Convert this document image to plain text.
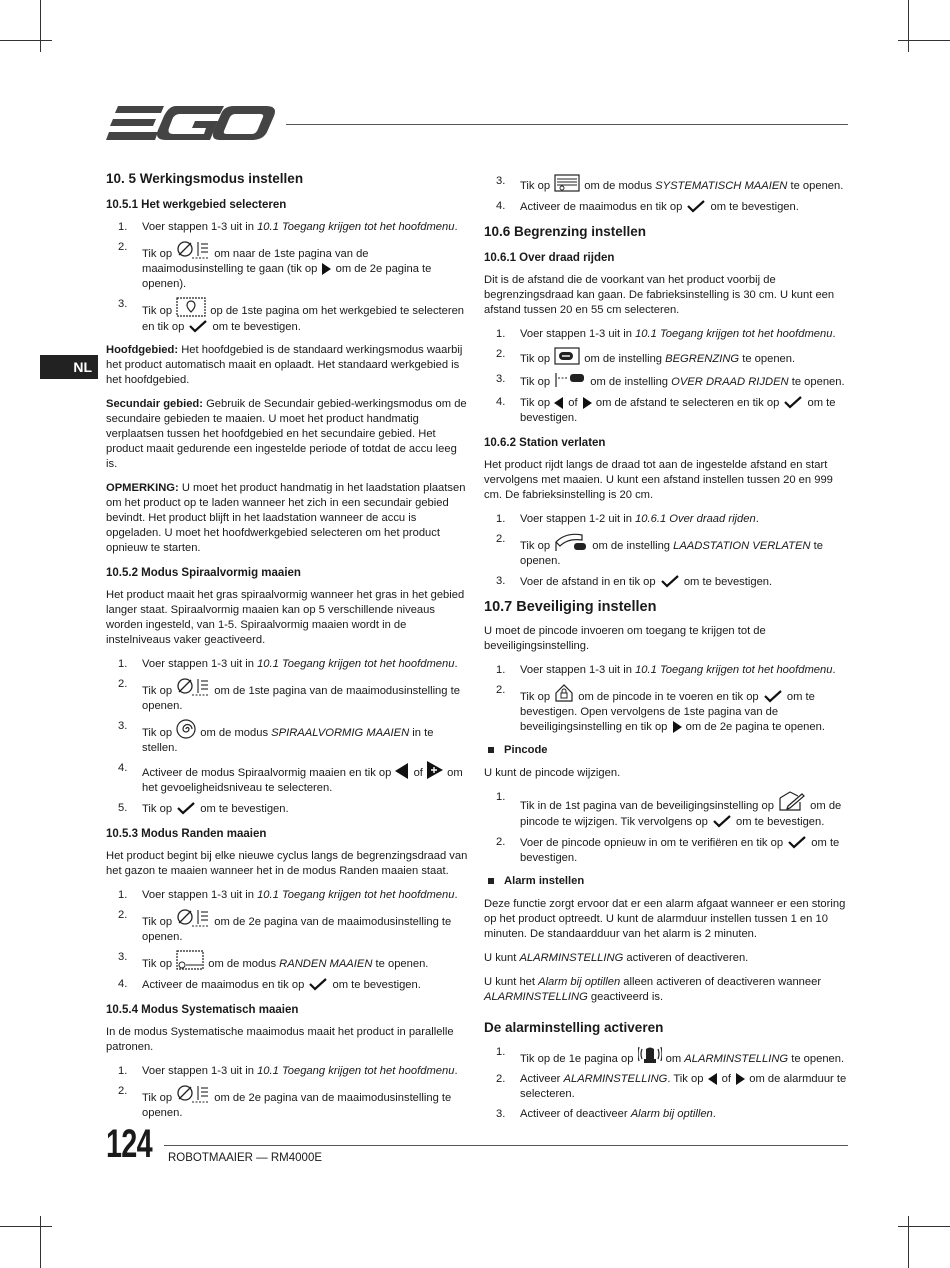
NL
10. 5 Werkingsmodus instellen
10.5.1 Het werkgebied selecteren
1. Voer stappen 1-3 uit in 10.1 Toegang krijgen tot het hoofdmenu.
2.
Tik op	om naar de 1ste pagina van de maaimodusinstelling te gaan (tik op om de 2e pagina te openen).
3.
Tik op	op de 1ste pagina om het werkgebied te selecteren en tik op	om te bevestigen.

Hoofdgebied: Het hoofdgebied is de standaard werkingsmodus waarbij het product automatisch maait en oplaadt. Het standaard werkgebied is het hoofdgebied.

Secundair gebied: Gebruik de Secundair gebied-werkingsmodus om de secundaire gebieden te maaien. U moet het product handmatig verplaatsen tussen het hoofdgebied en het secundaire gebied. Het product maait gedurende een ingestelde periode of totdat de accu leeg is.

OPMERKING: U moet het product handmatig in het laadstation plaatsen om het product op te laden wanneer het zich in een secundair gebied bevindt. Het product blijft in het laadstation wanneer de accu is opgeladen. U moet het hoofdwerkgebied selecteren om het product opnieuw te starten.

10.5.2 Modus Spiraalvormig maaien

Het product maait het gras spiraalvormig wanneer het gras in het gebied langer staat. Spiraalvormig maaien kan op 5 verschillende niveaus worden ingesteld, van 1-5. Spiraalvormig maaien wordt in de instelniveaus vaker geactiveerd.

1. Voer stappen 1-3 uit in 10.1 Toegang krijgen tot het hoofdmenu.
2.
Tik op	om de 1ste pagina van de maaimodusinstelling te openen.
3.
Tik op	om de modus SPIRAALVORMIG MAAIEN in te stellen.
4. Activeer de modus Spiraalvormig maaien en tik op of om het gevoeligheidsniveau te selecteren.
5. Tik op	om te bevestigen.
10.5.3 Modus Randen maaien

Het product begint bij elke nieuwe cyclus langs de begrenzingsdraad van het gazon te maaien wanneer het in de modus Randen maaien staat.

1. Voer stappen 1-3 uit in 10.1 Toegang krijgen tot het hoofdmenu.
2.
Tik op	om de 2e pagina van de maaimodusinstelling te openen.
3.
Tik op	om de modus RANDEN MAAIEN te openen.
4. Activeer de maaimodus en tik op	om te bevestigen.
10.5.4 Modus Systematisch maaien

In de modus Systematische maaimodus maait het product in parallelle patronen.

1. Voer stappen 1-3 uit in 10.1 Toegang krijgen tot het hoofdmenu.
2.
Tik op	om de 2e pagina van de maaimodusinstelling te openen.
3. Tik op	om de modus SYSTEMATISCH MAAIEN te openen.
4. Activeer de maaimodus en tik op	om te bevestigen.
10.6 Begrenzing instellen
10.6.1 Over draad rijden

Dit is de afstand die de voorkant van het product voorbij de begrenzingsdraad kan gaan. De fabrieksinstelling is 30 cm. U kunt een afstand tussen 20 en 55 cm selecteren.

1. Voer stappen 1-3 uit in 10.1 Toegang krijgen tot het hoofdmenu.
2. Tik op	om de instelling BEGRENZING te openen.
3. Tik op	om de instelling OVER DRAAD RIJDEN te openen.
4. Tik op of om de afstand te selecteren en tik op	om te bevestigen.
10.6.2 Station verlaten

Het product rijdt langs de draad tot aan de ingestelde afstand en start vervolgens met maaien. U kunt een afstand instellen tussen 20 en 999 cm. De fabrieksinstelling is 20 cm.

1. Voer stappen 1-2 uit in 10.6.1 Over draad rijden.
2.
Tik op	om de instelling LAADSTATION VERLATEN te openen.
3. Voer de afstand in en tik op	om te bevestigen.
10.7 Beveiliging instellen

U moet de pincode invoeren om toegang te krijgen tot de beveiligingsinstelling.

1. Voer stappen 1-3 uit in 10.1 Toegang krijgen tot het hoofdmenu.
2.
Tik op	om de pincode in te voeren en tik op	om te bevestigen. Open vervolgens de 1ste pagina van de beveiligingsinstelling en tik op om de 2e pagina te openen.
Pincode

U kunt de pincode wijzigen.

1.
Tik in de 1st pagina van de beveiligingsinstelling op	om de pincode te wijzigen. Tik vervolgens op	om te bevestigen.
2. Voer de pincode opnieuw in om te verifiëren en tik op	om te bevestigen.
Alarm instellen

Deze functie zorgt ervoor dat er een alarm afgaat wanneer er een storing op het product optreedt. U kunt de alarmduur instellen tussen 1 en 10 minuten. De standaardduur van het alarm is 2 minuten.

U kunt ALARMINSTELLING activeren of deactiveren.

U kunt het Alarm bij optillen alleen activeren of deactiveren wanneer ALARMINSTELLING geactiveerd is.

De alarminstelling activeren
1.
Tik op de 1e pagina op	om ALARMINSTELLING te openen.
2. Activeer ALARMINSTELLING. Tik op of om de alarmduur te selecteren.
3. Activeer of deactiveer Alarm bij optillen.
124 ROBOTMAAIER — RM4000E
